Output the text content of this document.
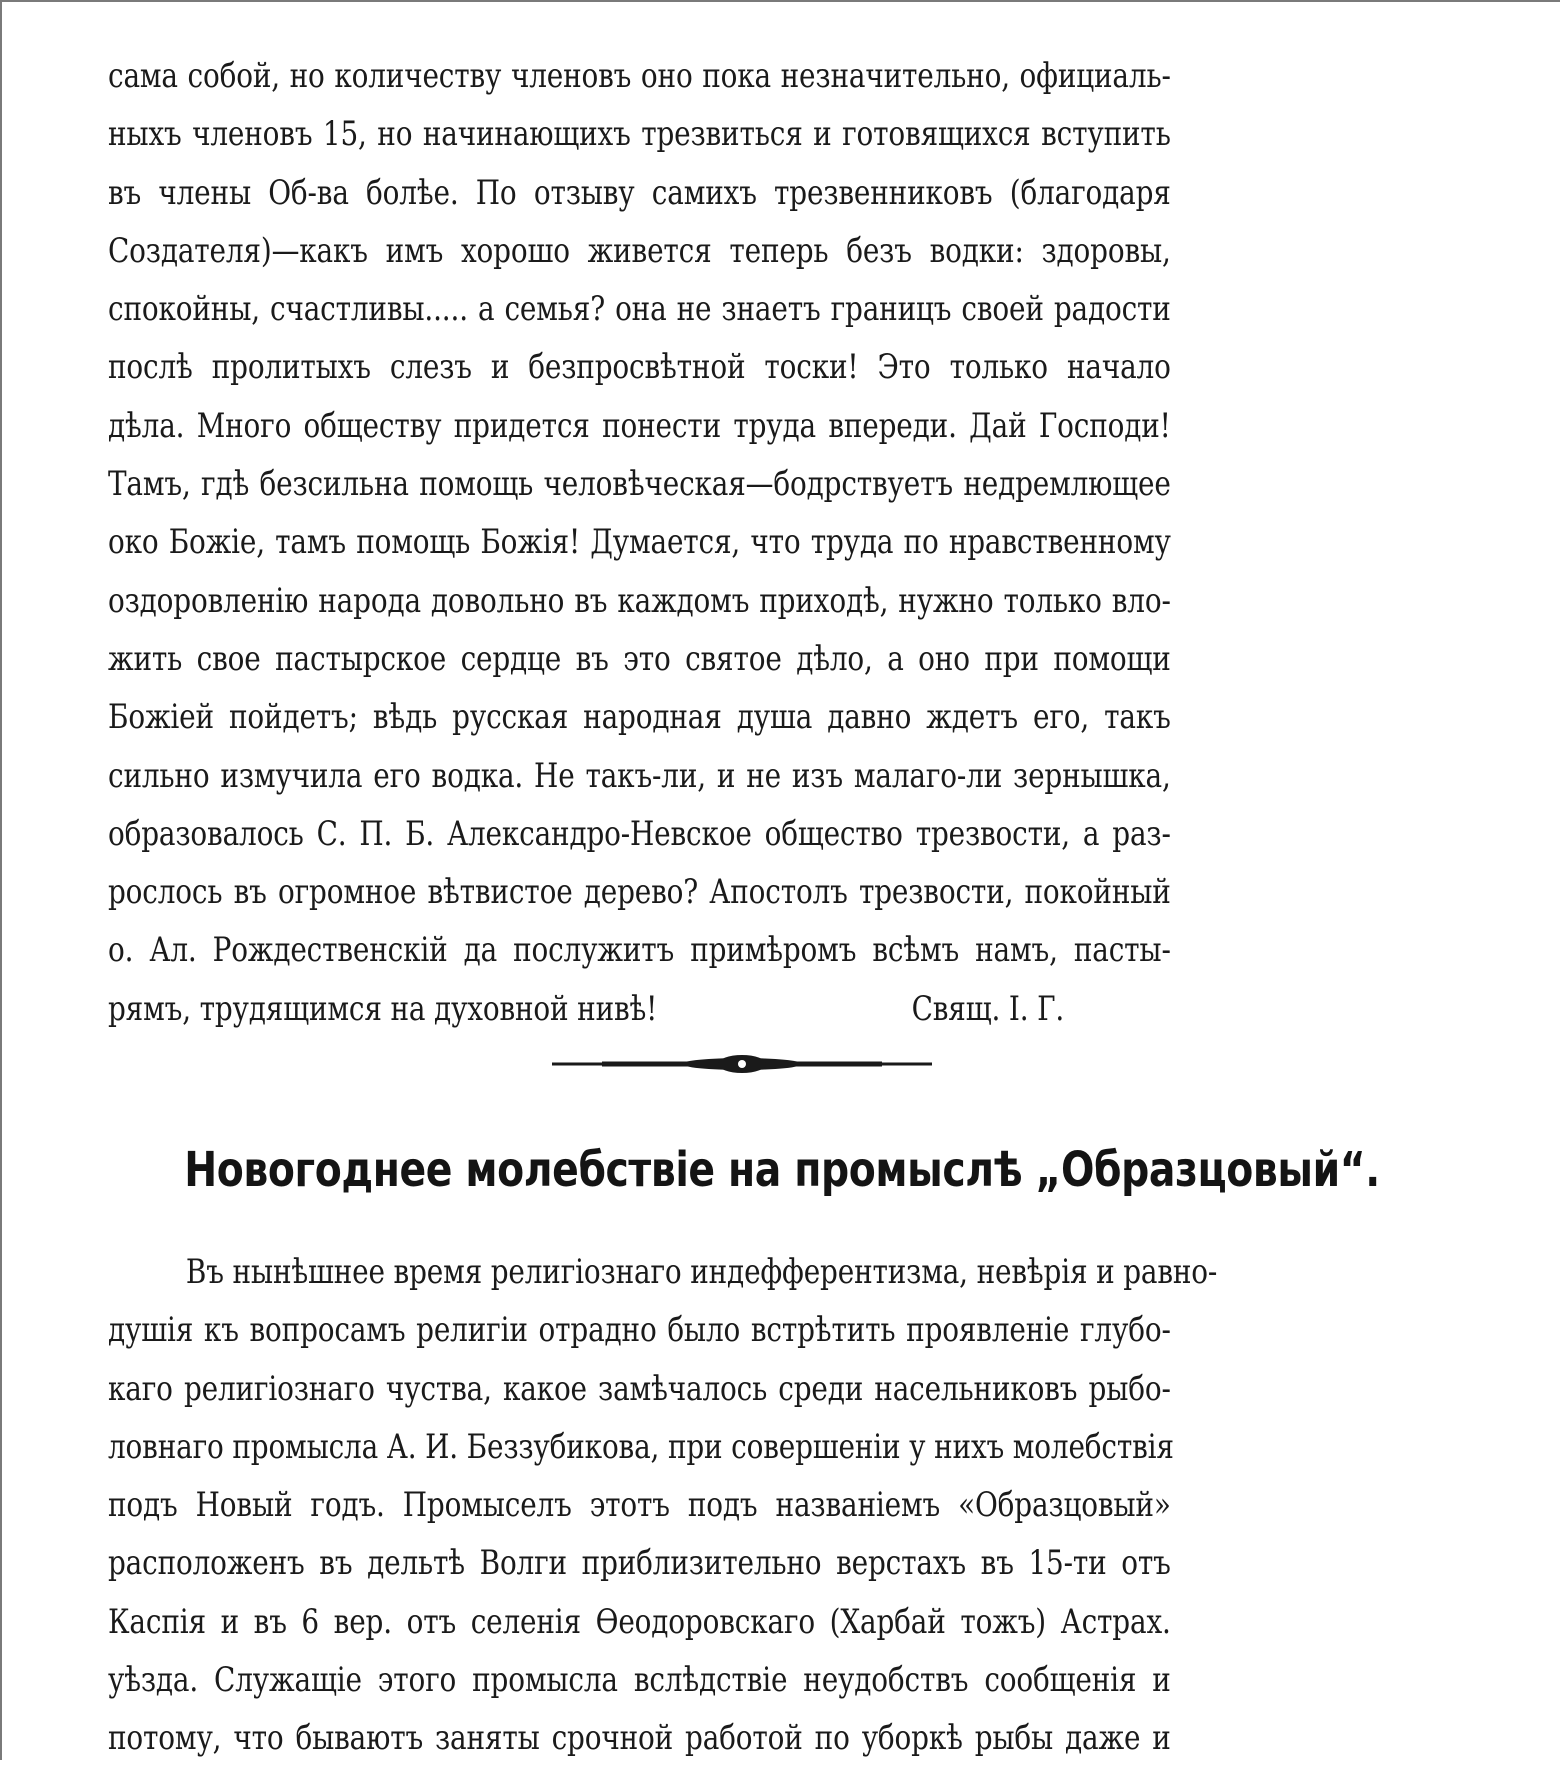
сама собой, но количеству членовъ оно пока незначительно, официаль-
ныхъ членовъ 15, но начинающихъ трезвиться и готовящихся вступить
въ члены Об-ва болѣе. По отзыву самихъ трезвенниковъ (благодаря
Создателя)—какъ имъ хорошо живется теперь безъ водки: здоровы,
спокойны, счастливы..... а семья? она не знаетъ границъ своей радости
послѣ пролитыхъ слезъ и безпросвѣтной тоски! Это только начало
дѣла. Много обществу придется понести труда впереди. Дай Господи!
Тамъ, гдѣ безсильна помощь человѣческая—бодрствуетъ недремлющее
око Божіе, тамъ помощь Божія! Думается, что труда по нравственному
оздоровленію народа довольно въ каждомъ приходѣ, нужно только вло-
жить свое пастырское сердце въ это святое дѣло, а оно при помощи
Божіей пойдетъ; вѣдь русская народная душа давно ждетъ его, такъ
сильно измучила его водка. Не такъ-ли, и не изъ малаго-ли зернышка,
образовалось С. П. Б. Александро-Невское общество трезвости, а раз-
рослось въ огромное вѣтвистое дерево? Апостолъ трезвости, покойный
о. Ал. Рождественскій да послужитъ примѣромъ всѣмъ намъ, пасты-
рямъ, трудящимся на духовной нивѣ!	Свящ. І. Г.
Новогоднее молебствіе на промыслѣ „Образцовый“.
Въ нынѣшнее время религіознаго индефферентизма, невѣрія и равно-
душія къ вопросамъ религіи отрадно было встрѣтить проявленіе глубо-
каго религіознаго чуства, какое замѣчалось среди насельниковъ рыбо-
ловнаго промысла А. И. Беззубикова, при совершеніи у нихъ молебствія
подъ Новый годъ. Промыселъ этотъ подъ названіемъ «Образцовый»
расположенъ въ дельтѣ Волги приблизительно верстахъ въ 15-ти отъ
Каспія и въ 6 вер. отъ селенія Өеодоровскаго (Харбай тожъ) Астрах.
уѣзда. Служащіе этого промысла вслѣдствіе неудобствъ сообщенія и
потому, что бываютъ заняты срочной работой по уборкѣ рыбы даже и
